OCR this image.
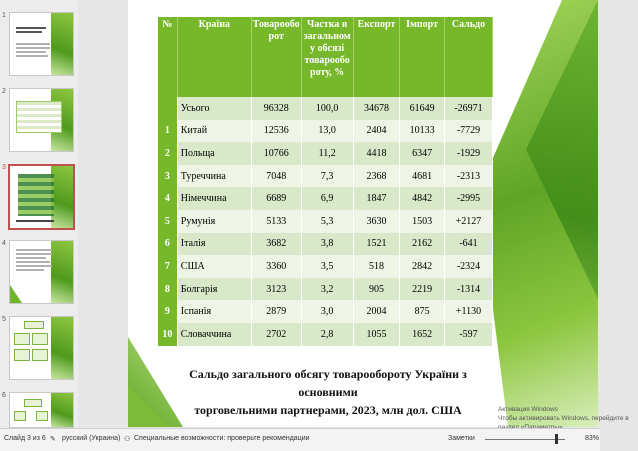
1
2
3
4
5
6
№	Країна	Товарообо рот	Частка в загальном у обсязі товарообо роту, %	Експорт	Імпорт	Сальдо
	Усього	96328	100,0	34678	61649	-26971
1	Китай	12536	13,0	2404	10133	-7729
2	Польща	10766	11,2	4418	6347	-1929
3	Туреччина	7048	7,3	2368	4681	-2313
4	Німеччина	6689	6,9	1847	4842	-2995
5	Румунія	5133	5,3	3630	1503	+2127
6	Італія	3682	3,8	1521	2162	-641
7	США	3360	3,5	518	2842	-2324
8	Болгарія	3123	3,2	905	2219	-1314
9	Іспанія	2879	3,0	2004	875	+1130
10	Словаччина	2702	2,8	1055	1652	-597
Сальдо загального обсягу товарообороту України з основними
торговельними партнерами, 2023, млн дол. США	Активация Windows
Чтобы активировать Windows, перейдите в
Слайд 3 из 6 ✎ русский (Украина) ⚇ Специальные возможности: проверьте рекомендации	Заметки	83%
